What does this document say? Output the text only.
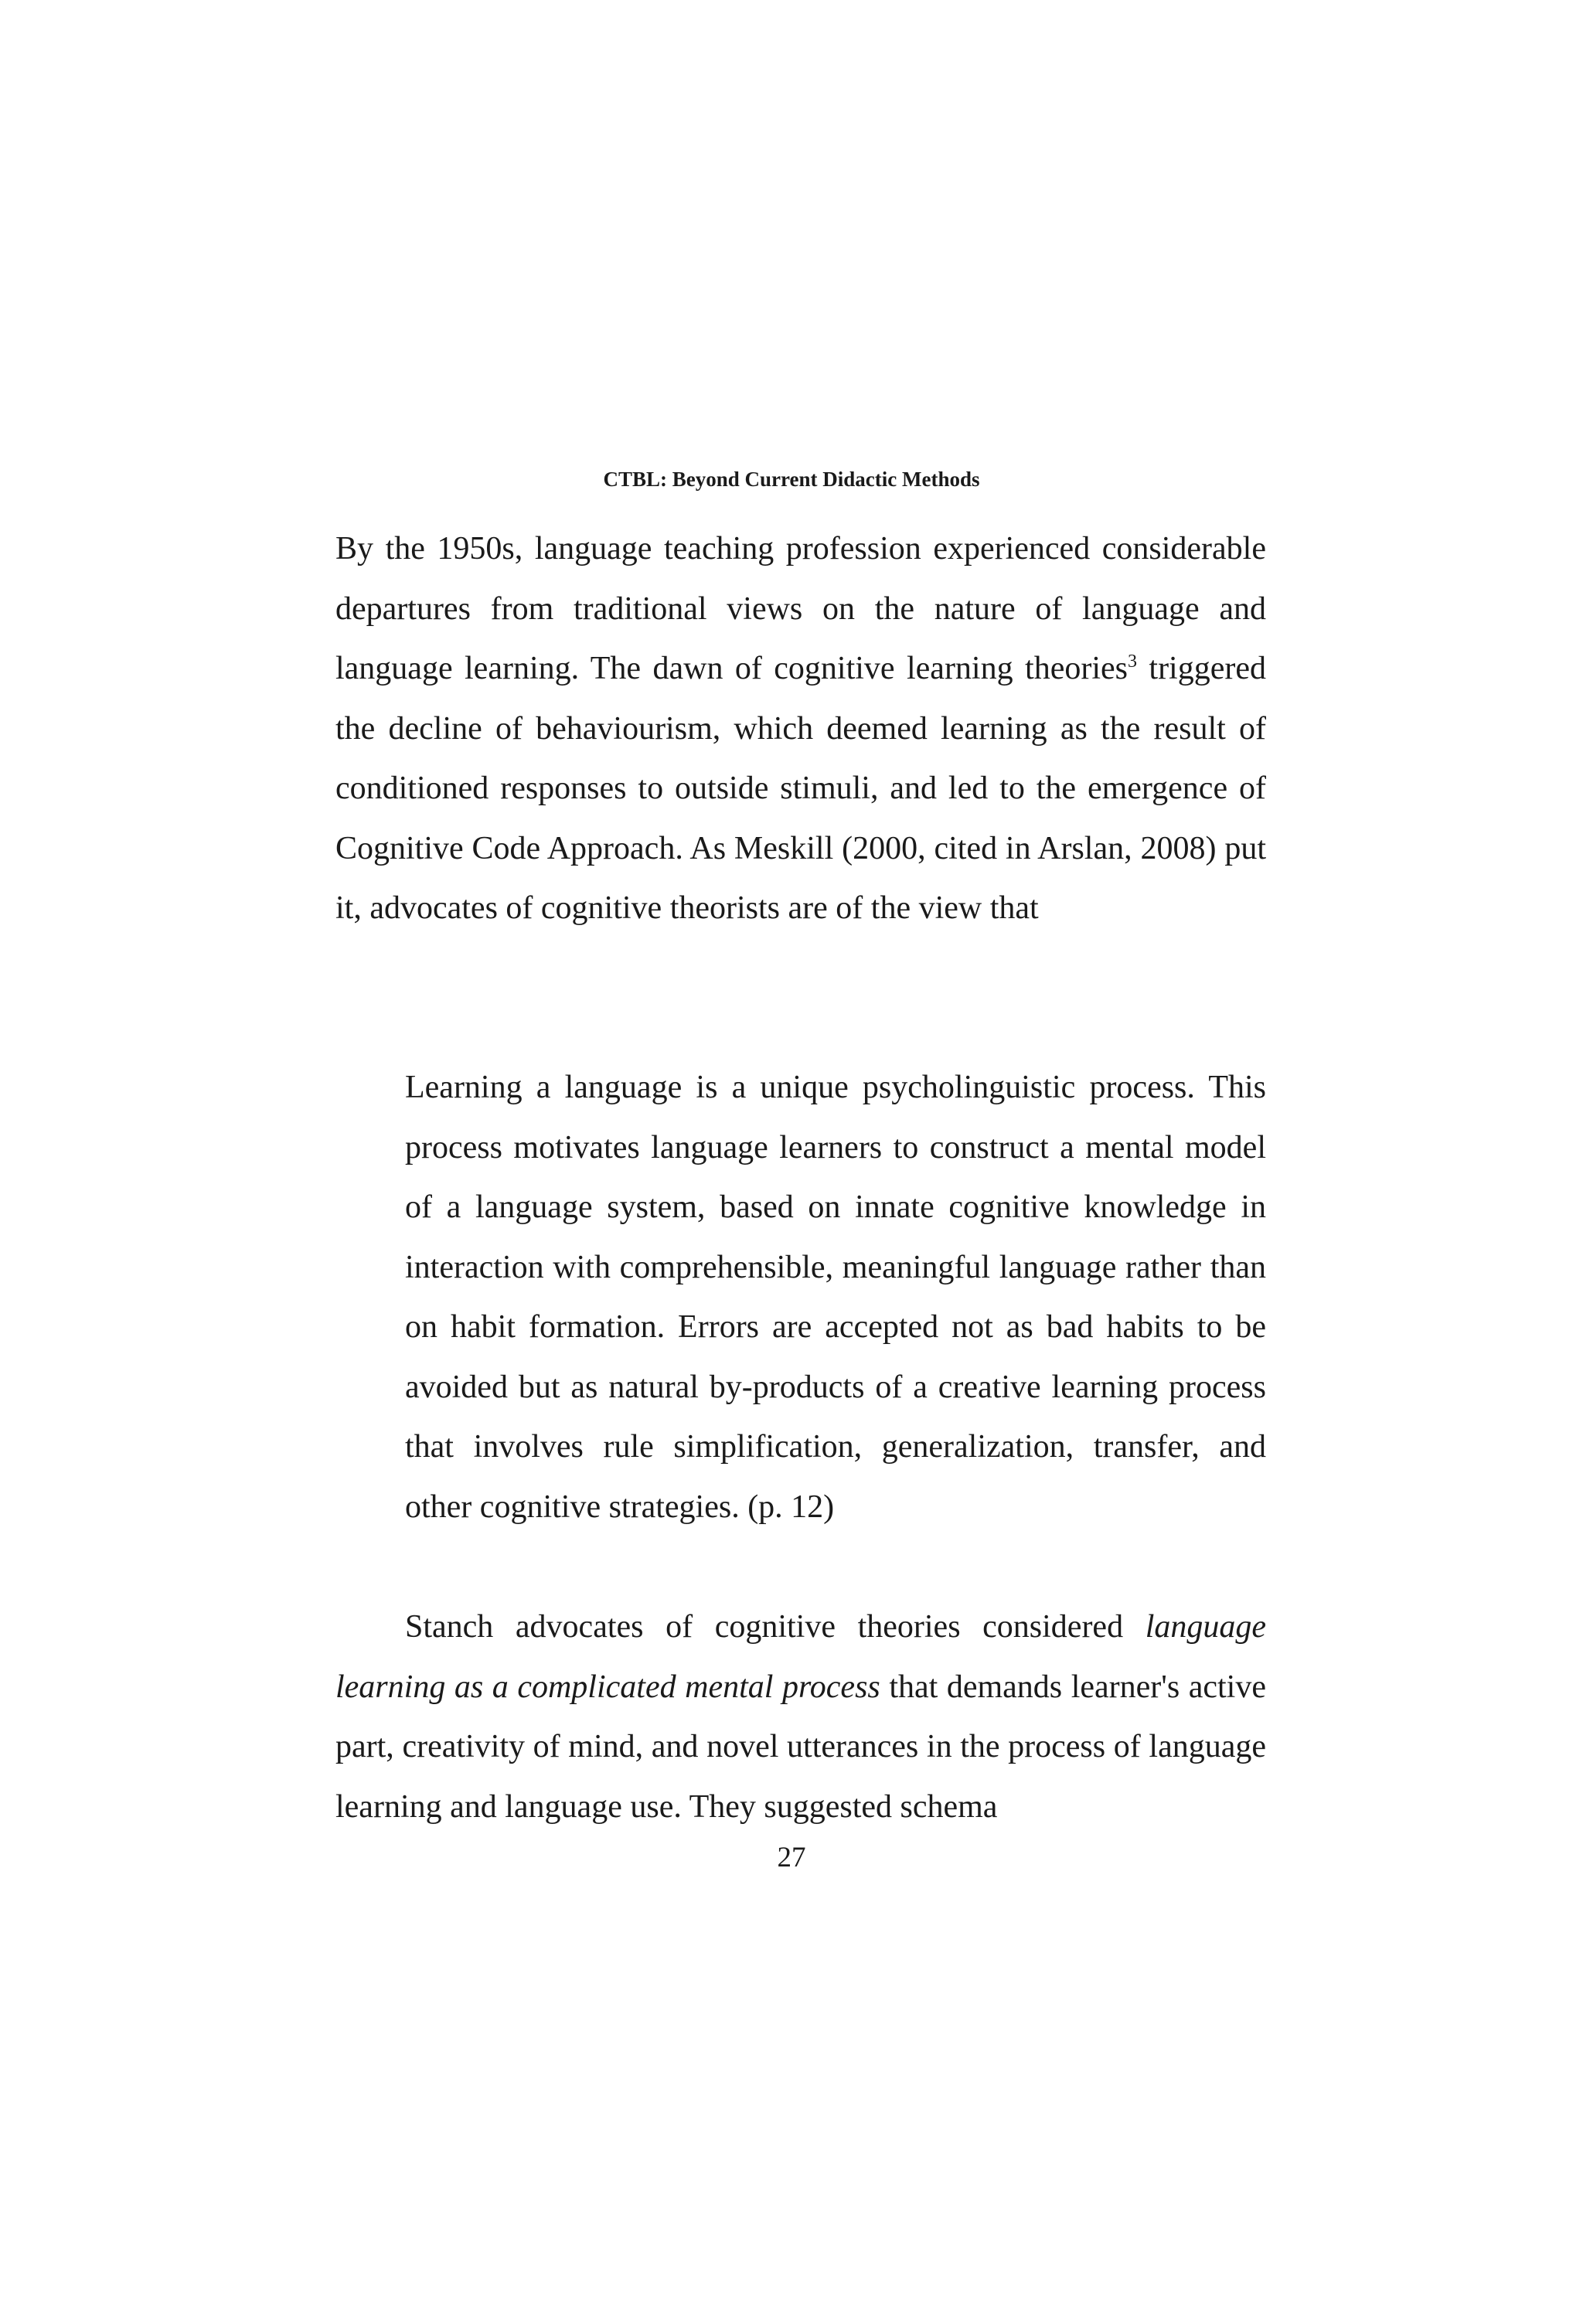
CTBL: Beyond Current Didactic Methods

By the 1950s, language teaching profession experienced considerable departures from traditional views on the nature of language and language learning. The dawn of cognitive learning theories$^3$ triggered the decline of behaviourism, which deemed learning as the result of conditioned responses to outside stimuli, and led to the emergence of Cognitive Code Approach. As Meskill (2000, cited in Arslan, 2008) put it, advocates of cognitive theorists are of the view that

Learning a language is a unique psycholinguistic process. This process motivates language learners to construct a mental model of a language system, based on innate cognitive knowledge in interaction with comprehensible, meaningful language rather than on habit formation. Errors are accepted not as bad habits to be avoided but as natural by-products of a creative learning process that involves rule simplification, generalization, transfer, and other cognitive strategies. (p. 12)

Stanch advocates of cognitive theories considered language learning as a complicated mental process that demands learner's active part, creativity of mind, and novel utterances in the process of language learning and language use. They suggested schema

27
